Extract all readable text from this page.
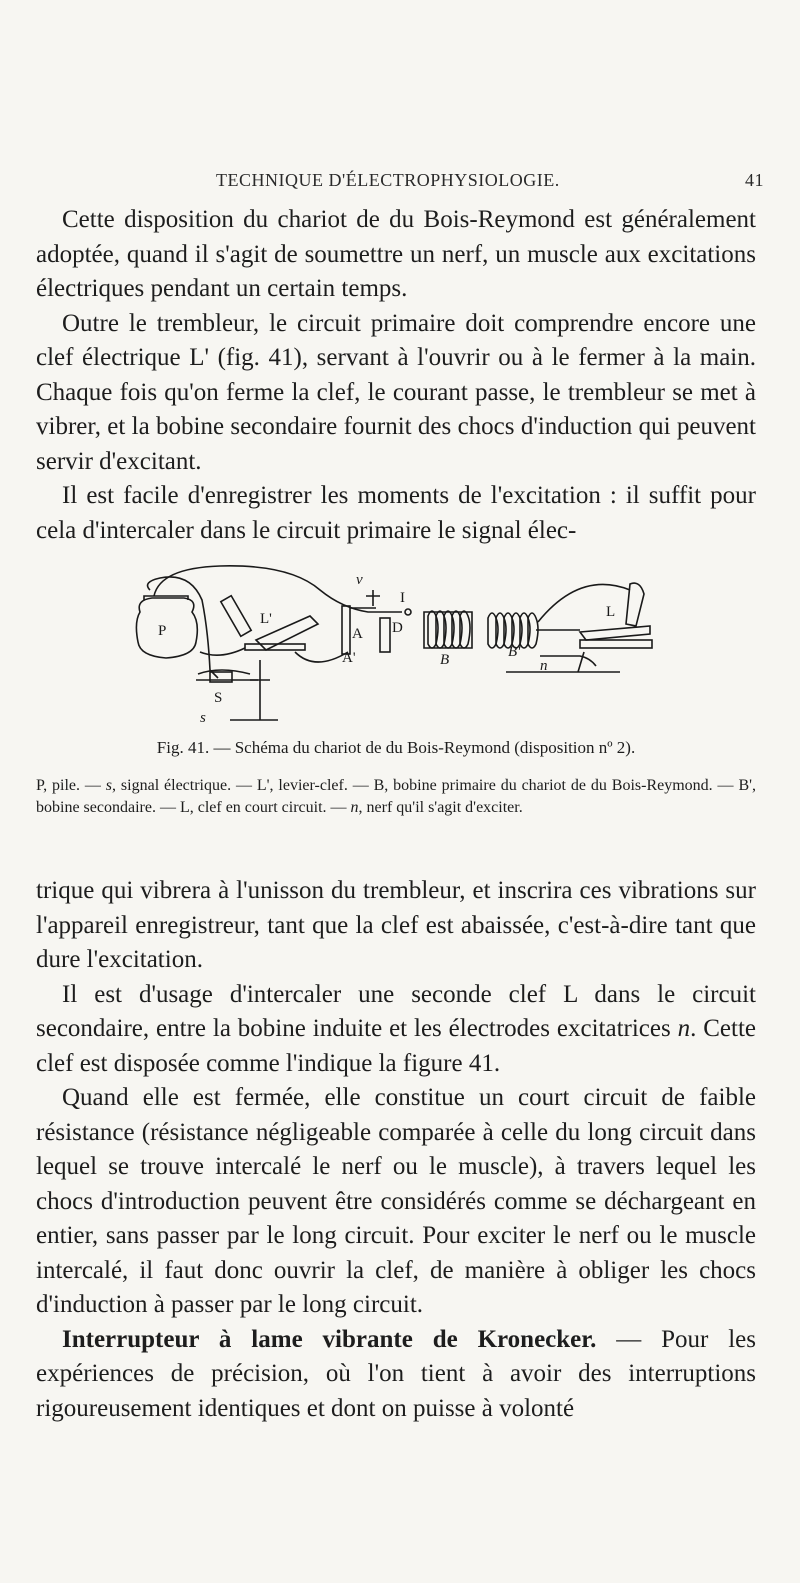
TECHNIQUE D'ÉLECTROPHYSIOLOGIE.	41

Cette disposition du chariot de du Bois-Reymond est généralement adoptée, quand il s'agit de soumettre un nerf, un muscle aux excitations électriques pendant un certain temps.

Outre le trembleur, le circuit primaire doit comprendre encore une clef électrique L' (fig. 41), servant à l'ouvrir ou à le fermer à la main. Chaque fois qu'on ferme la clef, le courant passe, le trembleur se met à vibrer, et la bobine secondaire fournit des chocs d'induction qui peuvent servir d'excitant.

Il est facile d'enregistrer les moments de l'excitation : il suffit pour cela d'intercaler dans le circuit primaire le signal élec-

P
L'
v
I
A D
A'	B	B'
n
L
S
s
Fig. 41. — Schéma du chariot de du Bois-Reymond (disposition nº 2).
P, pile. — s, signal électrique. — L', levier-clef. — B, bobine primaire du chariot de du Bois-Reymond. — B', bobine secondaire. — L, clef en court circuit. — n, nerf qu'il s'agit d'exciter.

trique qui vibrera à l'unisson du trembleur, et inscrira ces vibrations sur l'appareil enregistreur, tant que la clef est abaissée, c'est-à-dire tant que dure l'excitation.

Il est d'usage d'intercaler une seconde clef L dans le circuit secondaire, entre la bobine induite et les électrodes excitatrices n. Cette clef est disposée comme l'indique la figure 41.

Quand elle est fermée, elle constitue un court circuit de faible résistance (résistance négligeable comparée à celle du long circuit dans lequel se trouve intercalé le nerf ou le muscle), à travers lequel les chocs d'introduction peuvent être considérés comme se déchargeant en entier, sans passer par le long circuit. Pour exciter le nerf ou le muscle intercalé, il faut donc ouvrir la clef, de manière à obliger les chocs d'induction à passer par le long circuit.

Interrupteur à lame vibrante de Kronecker. — Pour les expériences de précision, où l'on tient à avoir des interruptions rigoureusement identiques et dont on puisse à volonté
